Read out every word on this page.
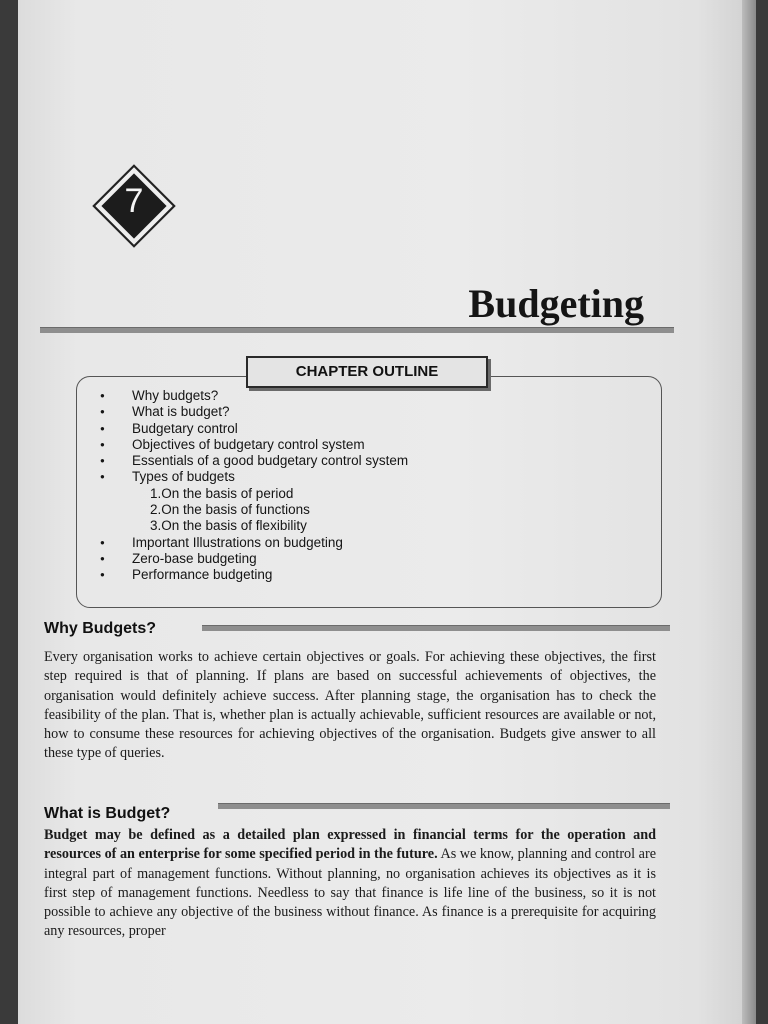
7
Budgeting
CHAPTER OUTLINE
● Why budgets?
● What is budget?
● Budgetary control
● Objectives of budgetary control system
● Essentials of a good budgetary control system
● Types of budgets
1.On the basis of period
2.On the basis of functions
3.On the basis of flexibility
● Important Illustrations on budgeting
● Zero-base budgeting
● Performance budgeting
Why Budgets?

Every organisation works to achieve certain objectives or goals. For achieving these objectives, the first step required is that of planning. If plans are based on successful achievements of objectives, the organisation would definitely achieve success. After planning stage, the organisation has to check the feasibility of the plan. That is, whether plan is actually achievable, sufficient resources are available or not, how to consume these resources for achieving objectives of the organisation. Budgets give answer to all these type of queries.

What is Budget?

Budget may be defined as a detailed plan expressed in financial terms for the operation and resources of an enterprise for some specified period in the future. As we know, planning and control are integral part of management functions. Without planning, no organisation achieves its objectives as it is first step of management functions. Needless to say that finance is life line of the business, so it is not possible to achieve any objective of the business without finance. As finance is a prerequisite for acquiring any resources, proper
